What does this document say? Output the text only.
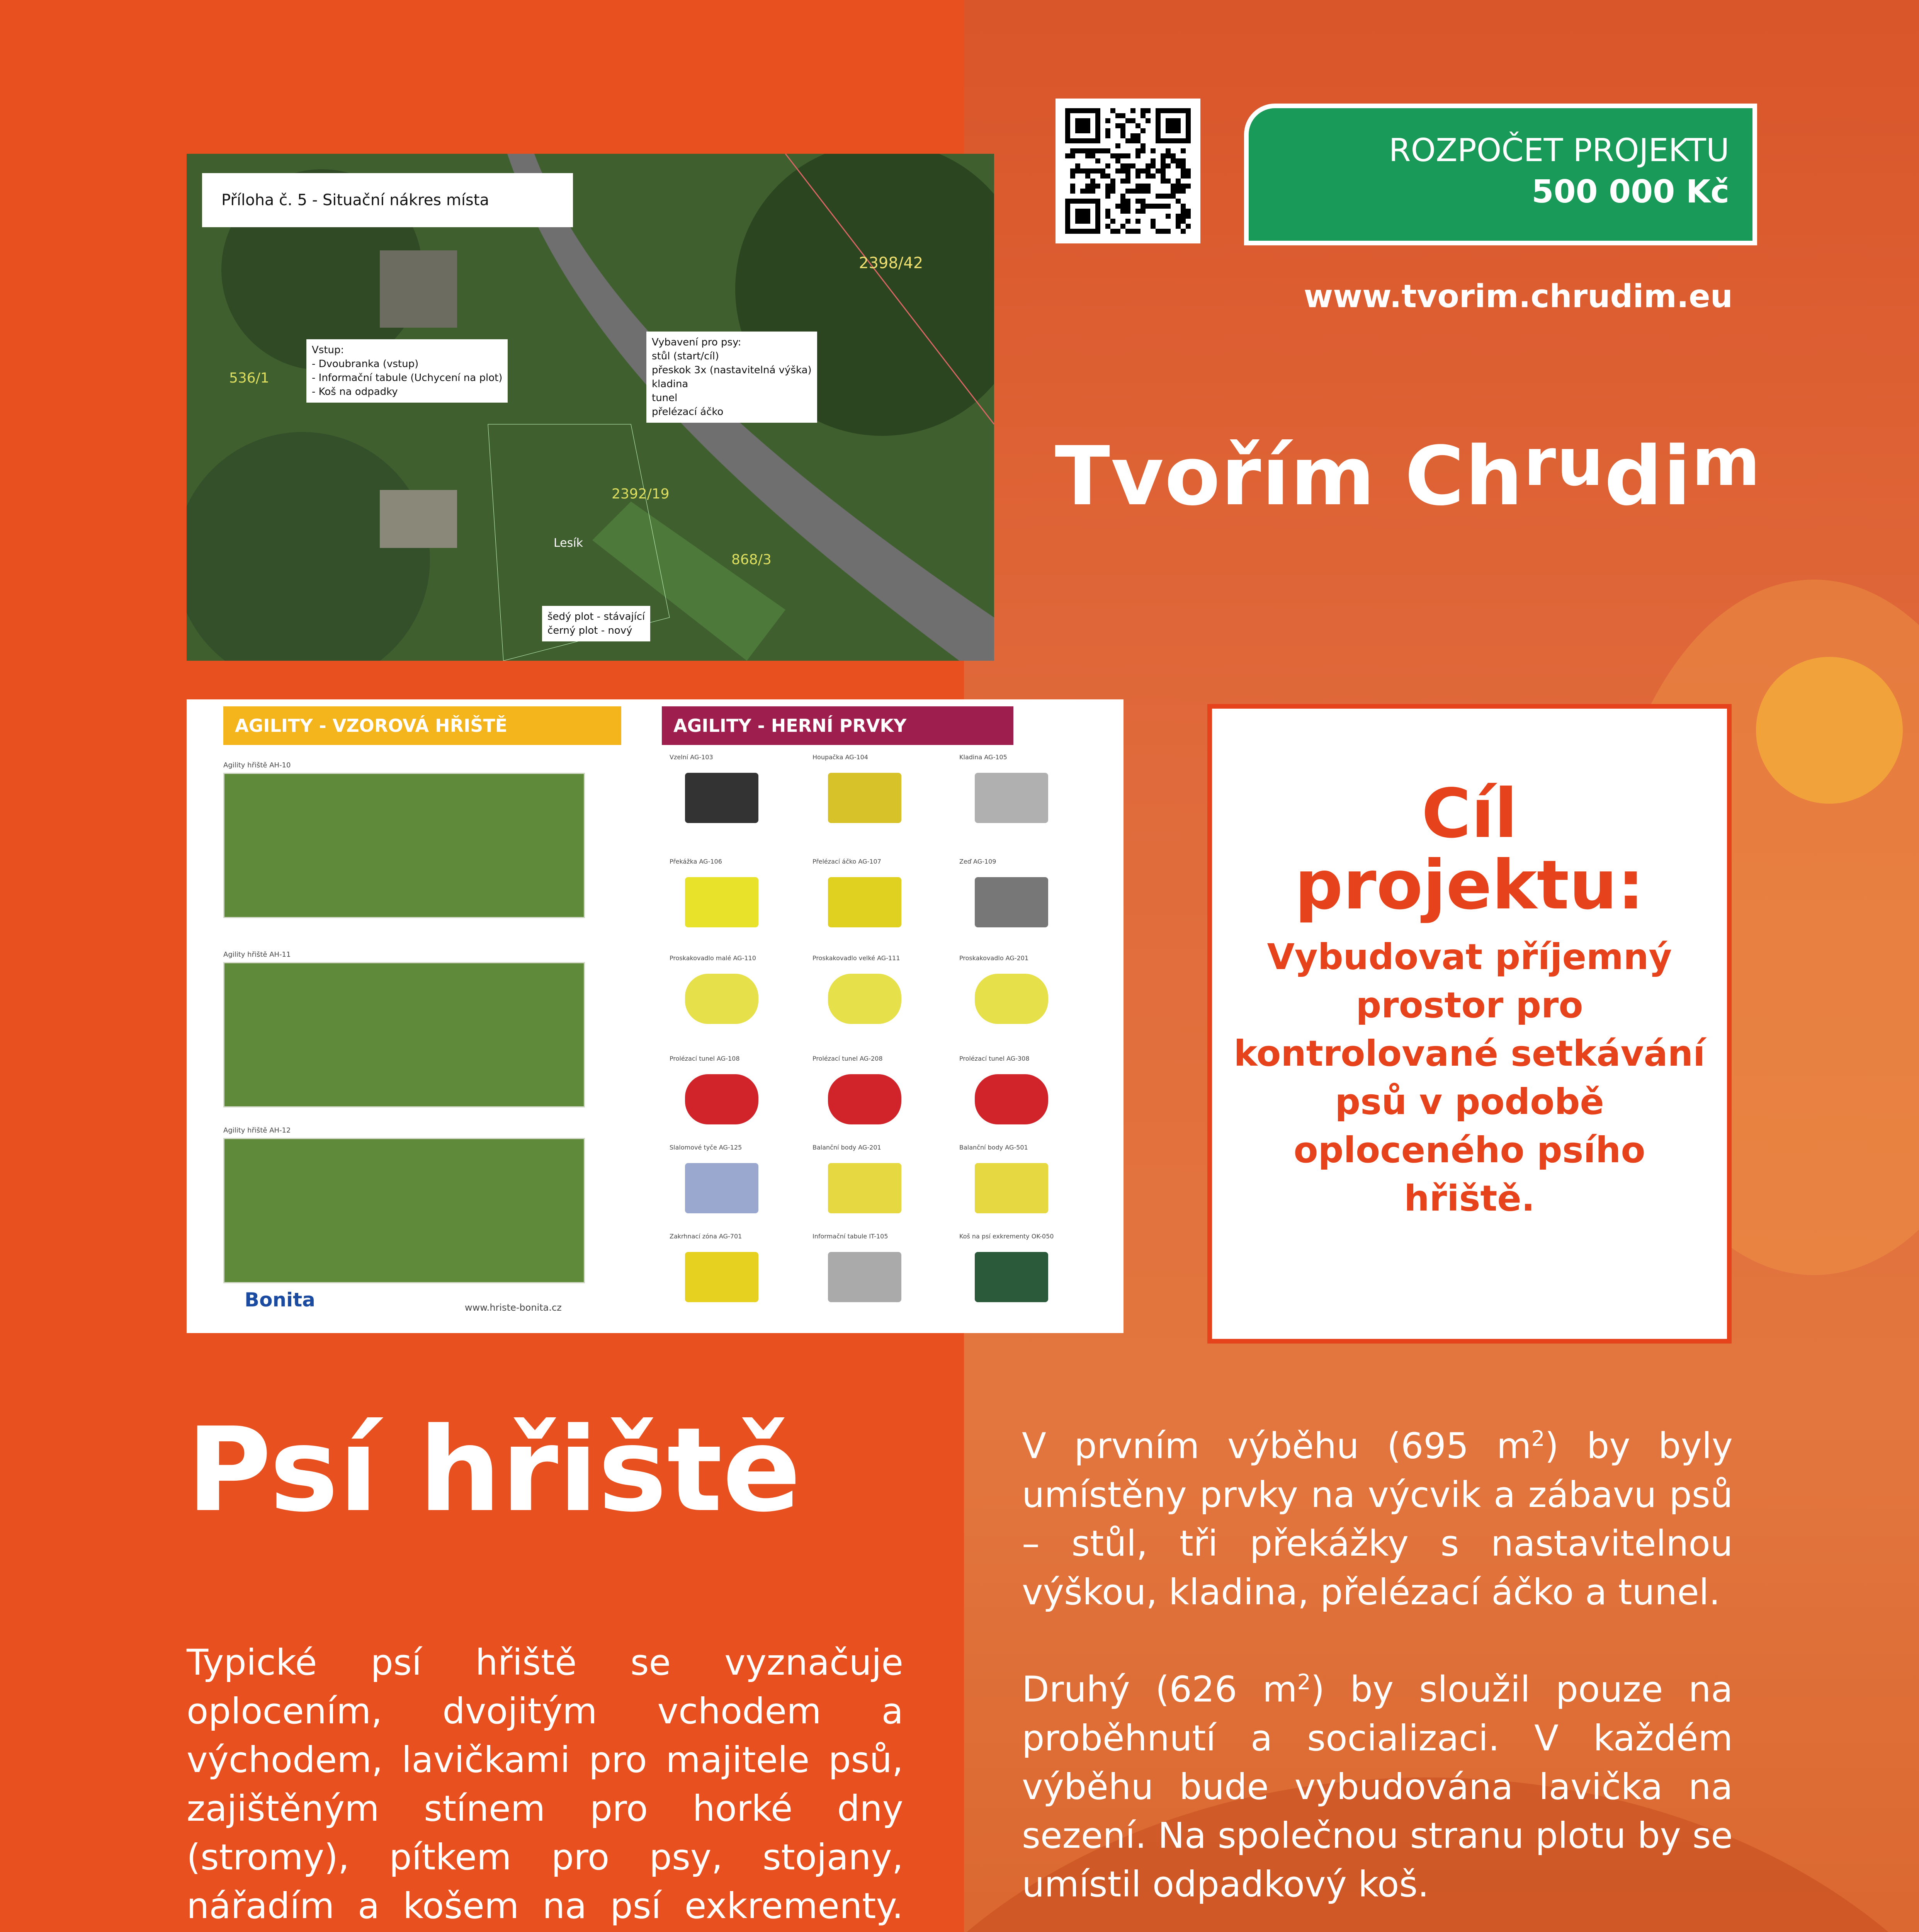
Příloha č. 5 - Situační nákres místa
Vstup:
- Dvoubranka (vstup)
- Informační tabule (Uchycení na plot)
- Koš na odpadky
Vybavení pro psy:
stůl (start/cíl)
přeskok 3x (nastavitelná výška)
kladina
tunel
přelézací áčko
šedý plot - stávající
černý plot - nový
2398/42
536/1
2392/19
Lesík
868/3
AGILITY - VZOROVÁ HŘIŠTĚ	AGILITY - HERNÍ PRVKY
Agility hřiště AH-10
Agility hřiště AH-11
Agility hřiště AH-12
Vzelní AG-103	Houpačka AG-104	Kladina AG-105
Překážka AG-106	Přelézací áčko AG-107	Zeď AG-109
Proskakovadlo malé AG-110	Proskakovadlo velké AG-111	Proskakovadlo AG-201
Prolézací tunel AG-108	Prolézací tunel AG-208	Prolézací tunel AG-308
Slalomové tyče AG-125	Balanční body AG-201	Balanční body AG-501
Zakrhnací zóna AG-701	Informační tabule IT-105	Koš na psí exkrementy OK-050
Bonita	www.hriste-bonita.cz
ROZPOČET PROJEKTU
500 000 Kč
www.tvorim.chrudim.eu
Tvořím $Ch^{ru}di^m$
Cíl
projektu:
Vybudovat příjemný prostor pro kontrolované setkávání psů v podobě oploceného psího hřiště.
Psí hřiště
Typické psí hřiště se vyznačuje oplocením, dvojitým vchodem a východem, lavičkami pro majitele psů, zajištěným stínem pro horké dny (stromy), pítkem pro psy, stojany, nářadím a košem na psí exkrementy.
V prvním výběhu (695 $m^2$) by byly umístěny prvky na výcvik a zábavu psů – stůl, tři překážky s nastavitelnou výškou, kladina, přelézací áčko a tunel.
Druhý (626 $m^2$) by sloužil pouze na proběhnutí a socializaci. V každém výběhu bude vybudována lavička na sezení. Na společnou stranu plotu by se umístil odpadkový koš.
